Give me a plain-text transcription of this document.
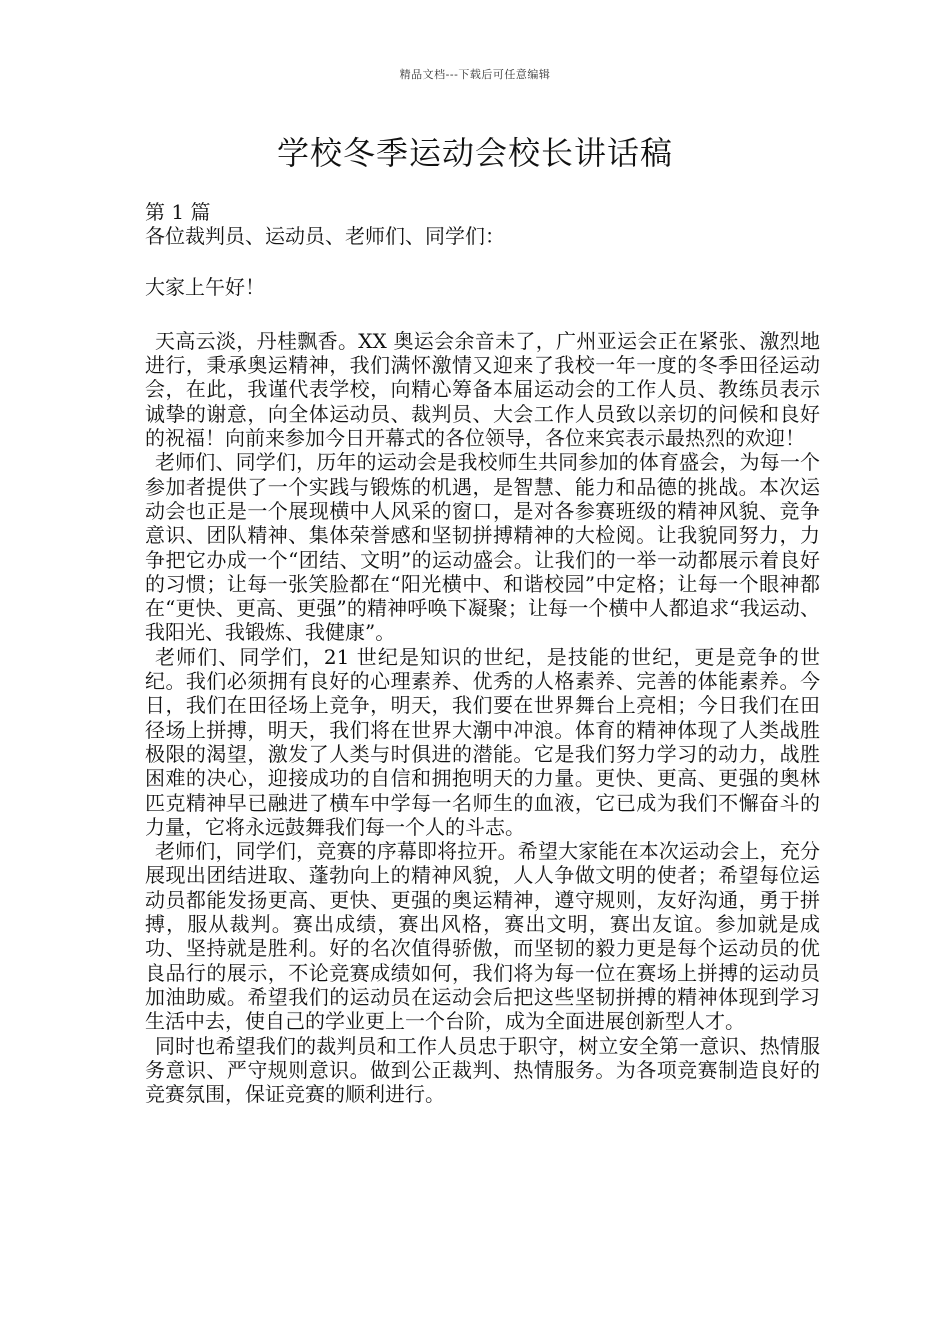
精品文档---下载后可任意编辑
学校冬季运动会校长讲话稿
第 1 篇
各位裁判员、运动员、老师们、同学们：
大家上午好！
天高云淡，丹桂飘香。XX 奥运会余音未了，广州亚运会正在紧张、激烈地进行，秉承奥运精神，我们满怀激情又迎来了我校一年一度的冬季田径运动会，在此，我谨代表学校，向精心筹备本届运动会的工作人员、教练员表示诚挚的谢意，向全体运动员、裁判员、大会工作人员致以亲切的问候和良好的祝福！向前来参加今日开幕式的各位领导，各位来宾表示最热烈的欢迎！
老师们、同学们，历年的运动会是我校师生共同参加的体育盛会，为每一个参加者提供了一个实践与锻炼的机遇，是智慧、能力和品德的挑战。本次运动会也正是一个展现横中人风采的窗口，是对各参赛班级的精神风貌、竞争意识、团队精神、集体荣誉感和坚韧拼搏精神的大检阅。让我貌同努力，力争把它办成一个“团结、文明”的运动盛会。让我们的一举一动都展示着良好的习惯；让每一张笑脸都在“阳光横中、和谐校园”中定格；让每一个眼神都在“更快、更高、更强”的精神呼唤下凝聚；让每一个横中人都追求“我运动、我阳光、我锻炼、我健康”。
老师们、同学们，21 世纪是知识的世纪，是技能的世纪，更是竞争的世纪。我们必须拥有良好的心理素养、优秀的人格素养、完善的体能素养。今日，我们在田径场上竞争，明天，我们要在世界舞台上亮相；今日我们在田径场上拼搏，明天，我们将在世界大潮中冲浪。体育的精神体现了人类战胜极限的渴望，激发了人类与时俱进的潜能。它是我们努力学习的动力，战胜困难的决心，迎接成功的自信和拥抱明天的力量。更快、更高、更强的奥林匹克精神早已融进了横车中学每一名师生的血液，它已成为我们不懈奋斗的力量，它将永远鼓舞我们每一个人的斗志。
老师们，同学们，竞赛的序幕即将拉开。希望大家能在本次运动会上，充分展现出团结进取、蓬勃向上的精神风貌，人人争做文明的使者；希望每位运动员都能发扬更高、更快、更强的奥运精神，遵守规则，友好沟通，勇于拼搏，服从裁判。赛出成绩，赛出风格，赛出文明，赛出友谊。参加就是成功、坚持就是胜利。好的名次值得骄傲，而坚韧的毅力更是每个运动员的优良品行的展示，不论竞赛成绩如何，我们将为每一位在赛场上拼搏的运动员加油助威。希望我们的运动员在运动会后把这些坚韧拼搏的精神体现到学习生活中去，使自己的学业更上一个台阶，成为全面进展创新型人才。
同时也希望我们的裁判员和工作人员忠于职守，树立安全第一意识、热情服务意识、严守规则意识。做到公正裁判、热情服务。为各项竞赛制造良好的竞赛氛围，保证竞赛的顺利进行。
